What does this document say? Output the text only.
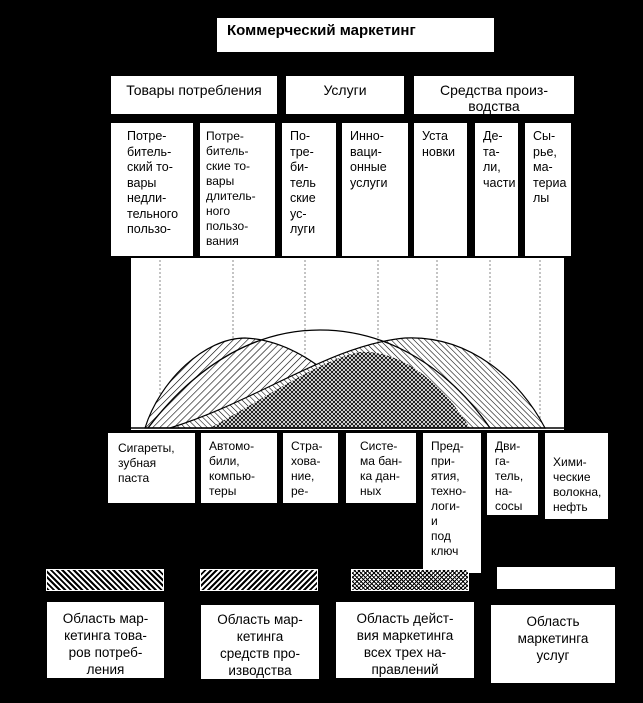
Коммерческий маркетинг
Товары потребления	Услуги	Средства произ-
водства
Потре-
битель-
ский то-
вары
недли-
тельного
пользо-
Потре-
битель-
ские то-
вары
длитель-
ного
пользо-
вания
По-
тре-
би-
тель
ские
ус-
луги
Инно-
ваци-
онные
услуги
Уста
новки
Де-
та-
ли,
части
Сы-
рье,
ма-
териа
лы
Сигареты,
зубная
паста
Автомо-
били,
компью-
теры
Стра-
хова-
ние,
ре-
Систе-
ма бан-
ка дан-
ных
Пред-
при-
ятия,
техно-
логи-
и
под
ключ
Дви-
га-
тель,
на-
сосы
Хими-
ческие
волокна,
нефть
Область мар-
кетинга това-
ров потреб-
ления
Область мар-
кетинга
средств про-
изводства
Область дейст-
вия маркетинга
всех трех на-
правлений
Область
маркетинга
услуг
